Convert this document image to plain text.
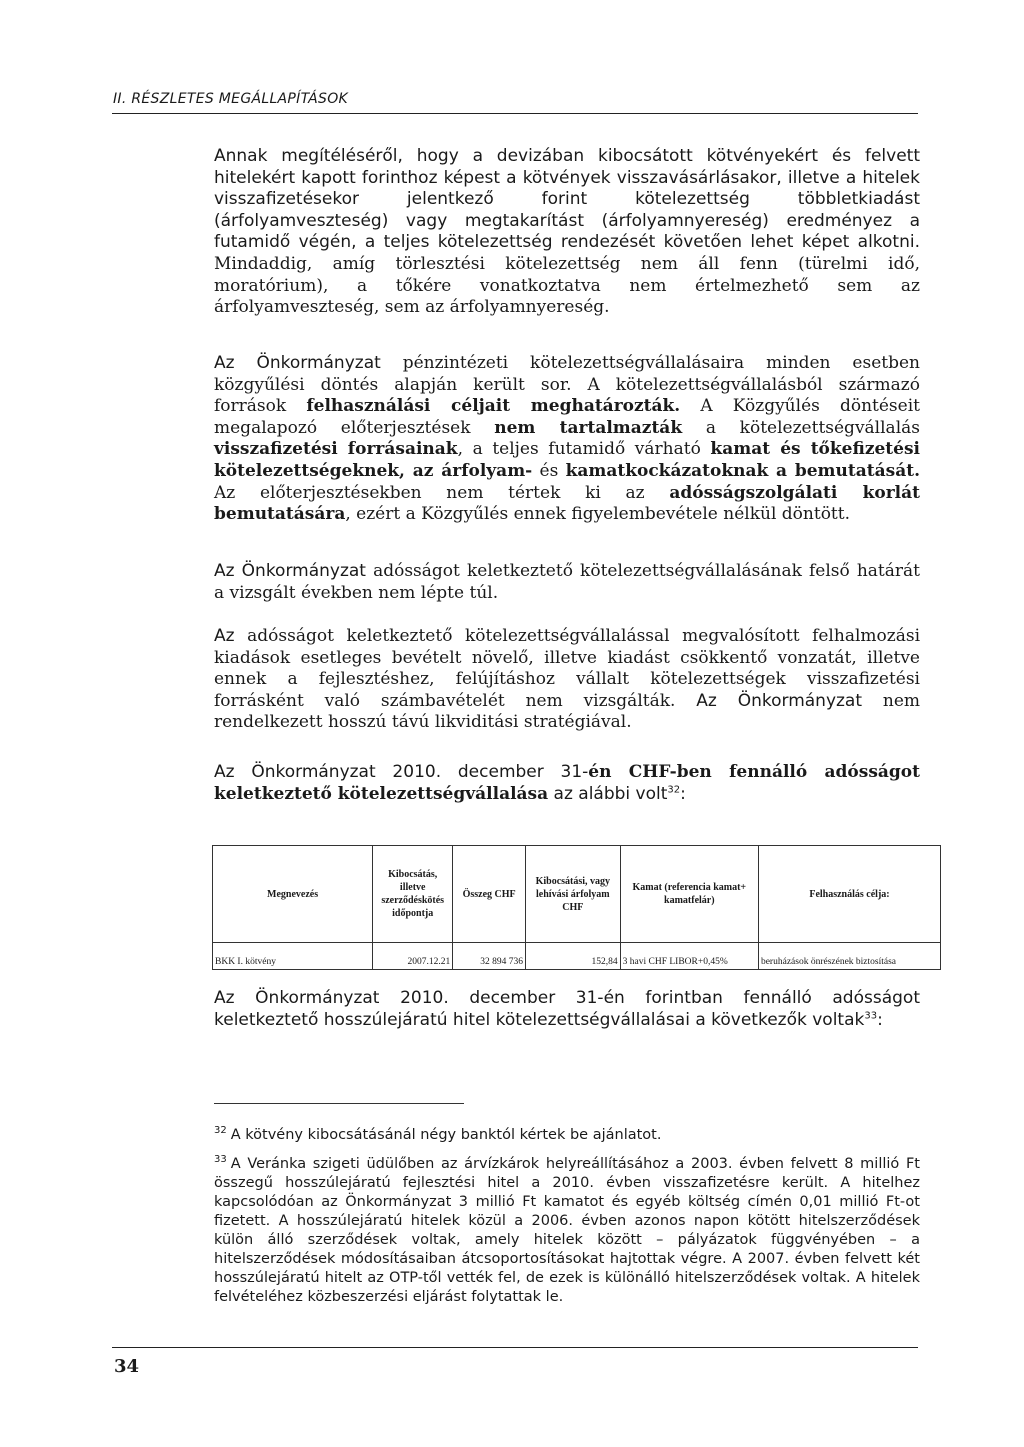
II. RÉSZLETES MEGÁLLAPÍTÁSOK

Annak megítéléséről, hogy a devizában kibocsátott kötvényekért és felvett hitelekért kapott forinthoz képest a kötvények visszavásárlásakor, illetve a hitelek visszafizetésekor jelentkező forint kötelezettség többletkiadást (árfolyamveszteség) vagy megtakarítást (árfolyamnyereség) eredményez a futamidő végén, a teljes kötelezettség rendezését követően lehet képet alkotni. Mindaddig, amíg törlesztési kötelezettség nem áll fenn (türelmi idő, moratórium), a tőkére vonatkoztatva nem értelmezhető sem az árfolyamveszteség, sem az árfolyamnyereség.

Az Önkormányzat pénzintézeti kötelezettségvállalásaira minden esetben közgyűlési döntés alapján került sor. A kötelezettségvállalásból származó források felhasználási céljait meghatározták. A Közgyűlés döntéseit megalapozó előterjesztések nem tartalmazták a kötelezettségvállalás visszafizetési forrásainak, a teljes futamidő várható kamat és tőkefizetési kötelezettségeknek, az árfolyam- és kamatkockázatoknak a bemutatását. Az előterjesztésekben nem tértek ki az adósságszolgálati korlát bemutatására, ezért a Közgyűlés ennek figyelembevétele nélkül döntött.

Az Önkormányzat adósságot keletkeztető kötelezettségvállalásának felső határát a vizsgált években nem lépte túl.

Az adósságot keletkeztető kötelezettségvállalással megvalósított felhalmozási kiadások esetleges bevételt növelő, illetve kiadást csökkentő vonzatát, illetve ennek a fejlesztéshez, felújításhoz vállalt kötelezettségek visszafizetési forrásként való számbavételét nem vizsgálták. Az Önkormányzat nem rendelkezett hosszú távú likviditási stratégiával.

Az Önkormányzat 2010. december 31-én CHF-ben fennálló adósságot keletkeztető kötelezettségvállalása az alábbi volt$^{32}$:

Megnevezés	Kibocsátás, illetve szerződéskötés időpontja	Összeg CHF	Kibocsátási, vagy lehívási árfolyam CHF	Kamat (referencia kamat+ kamatfelár)	Felhasználás célja:
BKK I. kötvény	2007.12.21	32 894 736	152,84	3 havi CHF LIBOR+0,45%	beruházások önrészének biztosítása

Az Önkormányzat 2010. december 31-én forintban fennálló adósságot keletkeztető hosszúlejáratú hitel kötelezettségvállalásai a következők voltak$^{33}$:

$^{32}$ A kötvény kibocsátásánál négy banktól kértek be ajánlatot.

$^{33}$ A Veránka szigeti üdülőben az árvízkárok helyreállításához a 2003. évben felvett 8 millió Ft összegű hosszúlejáratú fejlesztési hitel a 2010. évben visszafizetésre került. A hitelhez kapcsolódóan az Önkormányzat 3 millió Ft kamatot és egyéb költség címén 0,01 millió Ft-ot fizetett. A hosszúlejáratú hitelek közül a 2006. évben azonos napon kötött hitelszerződések külön álló szerződések voltak, amely hitelek között – pályázatok függvényében – a hitelszerződések módosításaiban átcsoportosításokat hajtottak végre. A 2007. évben felvett két hosszúlejáratú hitelt az OTP-től vették fel, de ezek is különálló hitelszerződések voltak. A hitelek felvételéhez közbeszerzési eljárást folytattak le.

34
